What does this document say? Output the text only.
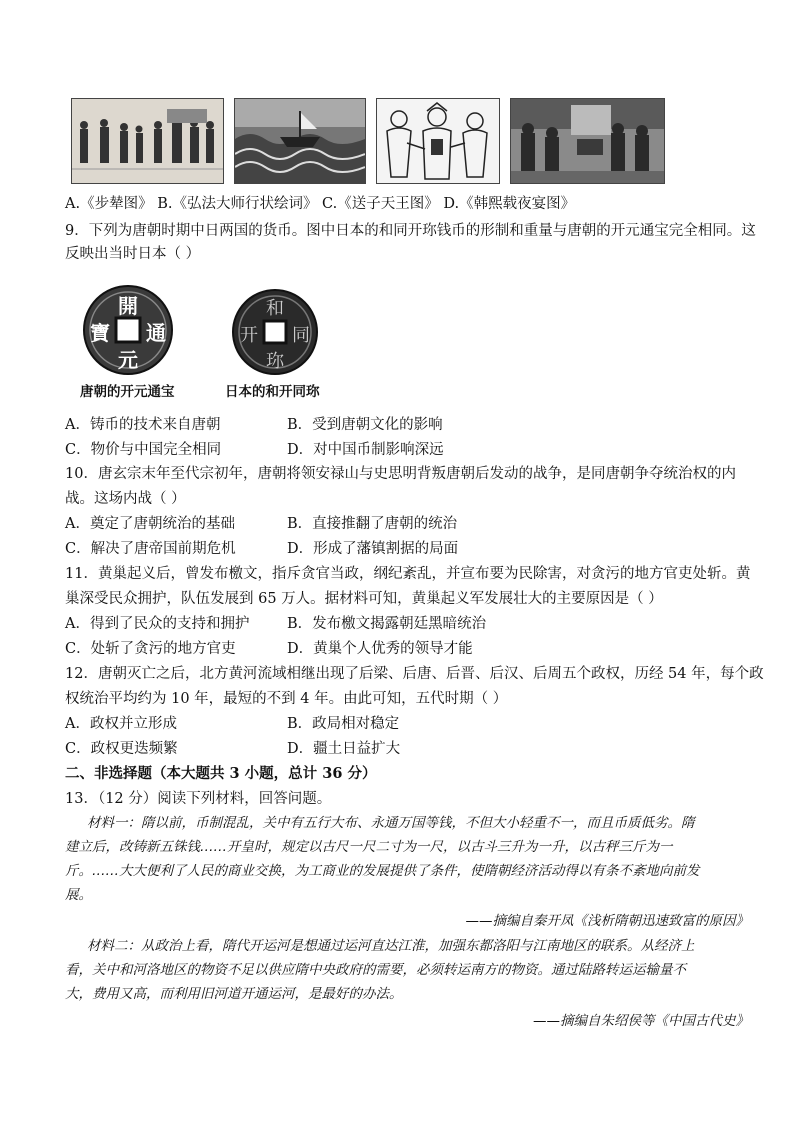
A.《步辇图》 B.《弘法大师行状绘词》 C.《送子天王图》 D.《韩熙载夜宴图》
9．下列为唐朝时期中日两国的货币。图中日本的和同开珎钱币的形制和重量与唐朝的开元通宝完全相同。这
反映出当时日本（ ）
開
通
元
寶
唐朝的开元通宝
和
同
开
珎
日本的和开同珎
A．铸币的技术来自唐朝	B．受到唐朝文化的影响
C．物价与中国完全相同	D．对中国币制影响深远
10．唐玄宗末年至代宗初年，唐朝将领安禄山与史思明背叛唐朝后发动的战争，是同唐朝争夺统治权的内
战。这场内战（ ）
A．奠定了唐朝统治的基础	B．直接推翻了唐朝的统治
C．解决了唐帝国前期危机	D．形成了藩镇割据的局面
11．黄巢起义后，曾发布檄文，指斥贪官当政，纲纪紊乱，并宣布要为民除害，对贪污的地方官吏处斩。黄
巢深受民众拥护，队伍发展到 65 万人。据材料可知，黄巢起义军发展壮大的主要原因是（ ）
A．得到了民众的支持和拥护	B．发布檄文揭露朝廷黑暗统治
C．处斩了贪污的地方官吏	D．黄巢个人优秀的领导才能
12．唐朝灭亡之后，北方黄河流域相继出现了后梁、后唐、后晋、后汉、后周五个政权，历经 54 年，每个政
权统治平均约为 10 年，最短的不到 4 年。由此可知，五代时期（ ）
A．政权并立形成	B．政局相对稳定
C．政权更迭频繁	D．疆土日益扩大
二、非选择题（本大题共 3 小题，总计 36 分）
13．（12 分）阅读下列材料，回答问题。
材料一：隋以前，币制混乱，关中有五行大布、永通万国等钱，不但大小轻重不一，而且币质低劣。隋
建立后，改铸新五铢钱……开皇时，规定以古尺一尺二寸为一尺，以古斗三升为一升，以古秤三斤为一
斤。……大大便利了人民的商业交换，为工商业的发展提供了条件，使隋朝经济活动得以有条不紊地向前发
展。
——摘编自秦开凤《浅析隋朝迅速致富的原因》
材料二：从政治上看，隋代开运河是想通过运河直达江淮，加强东都洛阳与江南地区的联系。从经济上
看，关中和河洛地区的物资不足以供应隋中央政府的需要，必须转运南方的物资。通过陆路转运运输量不
大，费用又高，而利用旧河道开通运河，是最好的办法。
——摘编自朱绍侯等《中国古代史》
